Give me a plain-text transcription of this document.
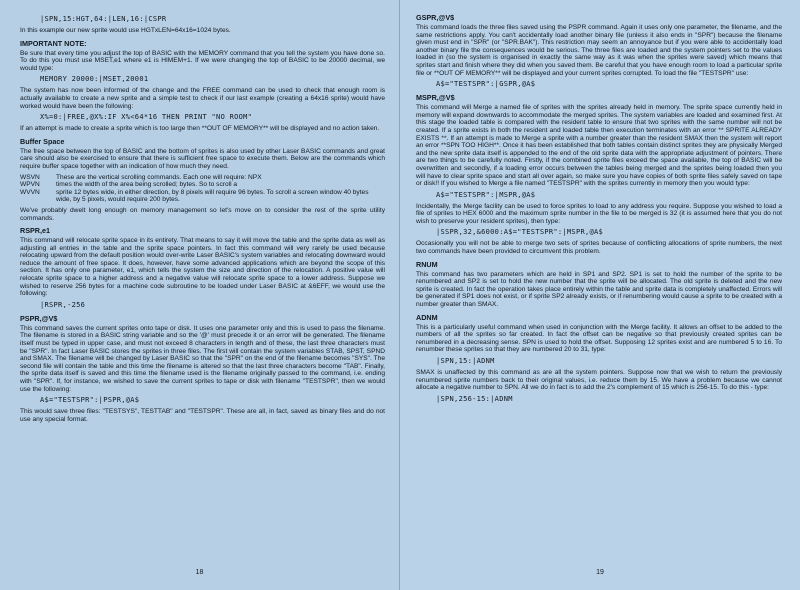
|SPN,15:HGT,64:|LEN,16:|CSPR

In this example our new sprite would use HGTxLEN=64x16=1024 bytes.

IMPORTANT NOTE:

Be sure that every time you adjust the top of BASIC with the MEMORY command that you tell the system you have done so. To do this you must use MSET,e1 where e1 is HIMEM+1. If we were changing the top of BASIC to be 20000 decimal, we would type:

MEMORY 20000:|MSET,20001

The system has now been informed of the change and the FREE command can be used to check that enough room is actually available to create a new sprite and a simple test to check if our last example (creating a 64x16 sprite) would have worked would have been the following:

X%=0:|FREE,@X%:IF X%<64*16 THEN PRINT "NO ROOM"

If an attempt is made to create a sprite which is too large then **OUT OF MEMORY** will be displayed and no action taken.

Buffer Space

The free space between the top of BASIC and the bottom of sprites is also used by other Laser BASIC commands and great care should also be exercised to ensure that there is sufficient free space to execute them. Below are the commands which require buffer space together with an indication of how much they need.

WSVN	These are the vertical scrolling commands. Each one will require: NPX
WPVN	times the width of the area being scrolled; bytes. So to scroll a
WVVN	sprite 12 bytes wide, in either direction, by 8 pixels will require 96 bytes. To scroll a screen window 40 bytes wide, by 5 pixels, would require 200 bytes.

We've probably dwelt long enough on memory management so let's move on to consider the rest of the sprite utility commands.

RSPR,e1

This command will relocate sprite space in its entirety. That means to say it will move the table and the sprite data as well as adjusting all entries in the table and the sprite space pointers. In fact this command will very rarely be used because relocating upward from the default position would over-write Laser BASIC's system variables and relocating downward would reduce the amount of free space. It does, however, have some advanced applications which are beyond the scope of this section. It has only one parameter, e1, which tells the system the size and direction of the relocation. A positive value will relocate sprite space to a higher address and a negative value will relocate sprite space to a lower address. Suppose we wished to reserve 256 bytes for a machine code subroutine to be loaded under Laser BASIC at &6EFF, we would use the following:

|RSPR,-256
PSPR,@V$

This command saves the current sprites onto tape or disk. It uses one parameter only and this is used to pass the filename. The filename is stored in a BASIC string variable and so the '@' must precede it or an error will be generated. The filename itself must be typed in upper case, and must not exceed 8 characters in length and of these, the last three characters must be "SPR". In fact Laser BASIC stores the sprites in three files. The first will contain the system variables STAB, SPST, SPND and SMAX. The filename will be changed by Laser BASIC so that the "SPR" on the end of the filename becomes "SYS". The second file will contain the table and this time the filename is altered so that the last three characters become "TAB". Finally, the sprite data itself is saved and this time the filename used is the filename originally passed to the command, i.e. ending with "SPR". If, for instance, we wished to save the current sprites to tape or disk with filename "TESTSPR", then we would use the following:

A$="TESTSPR":|PSPR,@A$

This would save three files: "TESTSYS", TESTTAB" and "TESTSPR". These are all, in fact, saved as binary files and do not use any special format.

18
GSPR,@V$

This command loads the three files saved using the PSPR command. Again it uses only one parameter, the filename, and the same restrictions apply. You can't accidentally load another binary file (unless it also ends in "SPR") because the filename given must end in "SPR" (or "SPR.BAK"). This restriction may seem an annoyance but if you were able to accidentally load another binary file the consequences would be serious. The three files are loaded and the system pointers set to the values loaded in (so the system is organised in exactly the same way as it was when the sprites were saved) which means that sprites start and finish where they did when you saved them. Be careful that you have enough room to load a particular sprite file or **OUT OF MEMORY** will be displayed and your current sprites corrupted. To load the file "TESTSPR" use:

A$="TESTSPR":|GSPR,@A$
MSPR,@V$

This command will Merge a named file of sprites with the sprites already held in memory. The sprite space currently held in memory will expand downwards to accommodate the merged sprites. The system variables are loaded and examined first. At this stage the loaded table is compared with the resident table to ensure that two sprites with the same number will not be created. If a sprite exists in both the resident and loaded table then execution terminates with an error ** SPRITE ALREADY EXISTS **. If an attempt is made to Merge a sprite with a number greater than the resident SMAX then the system will report an error **SPN TOO HIGH**. Once it has been established that both tables contain distinct sprites they are physically Merged and the new sprite data itself is appended to the end of the old sprite data with the appropriate adjustment of pointers. There are two things to be carefully noted. Firstly, if the combined sprite files exceed the space available, the top of BASIC will be overwritten and secondly, if a loading error occurs between the tables being merged and the sprites being loaded then you will have to clear sprite space and start all over again, so make sure you have copies of both sprite files safely saved on tape or disk!! If you wished to Merge a file named "TESTSPR" with the sprites currently in memory then you would type:

A$="TESTSPR":|MSPR,@A$

Incidentally, the Merge facility can be used to force sprites to load to any address you require. Suppose you wished to load a file of sprites to HEX 6000 and the maximum sprite number in the file to be merged is 32 (it is assumed here that you do not wish to preserve your resident sprites), then type:

|SSPR,32,&6000:A$="TESTSPR":|MSPR,@A$

Occasionally you will not be able to merge two sets of sprites because of conflicting allocations of sprite numbers, the next two commands have been provided to circumvent this problem.

RNUM

This command has two parameters which are held in SP1 and SP2. SP1 is set to hold the number of the sprite to be renumbered and SP2 is set to hold the new number that the sprite will be allocated. The old sprite is deleted and the new sprite is created. In fact the operation takes place entirely within the table and sprite data is completely unaffected. Errors will be generated if SP1 does not exist, or if sprite SP2 already exists, or if renumbering would cause a sprite to be created with a number greater than SMAX.

ADNM

This is a particularly useful command when used in conjunction with the Merge facility. It allows an offset to be added to the numbers of all the sprites so far created. In fact the offset can be negative so that previously created sprites can be renumbered in a decreasing sense. SPN is used to hold the offset. Supposing 12 sprites exist and are numbered 5 to 16. To renumber these sprites so that they are numbered 20 to 31, type:

|SPN,15:|ADNM

SMAX is unaffected by this command as are all the system pointers. Suppose now that we wish to return the previously renumbered sprite numbers back to their original values, i.e. reduce them by 15. We have a problem because we cannot allocate a negative number to SPN. All we do in fact is to add the 2's complement of 15 which is 256-15. To do this - type:

|SPN,256-15:|ADNM
19
